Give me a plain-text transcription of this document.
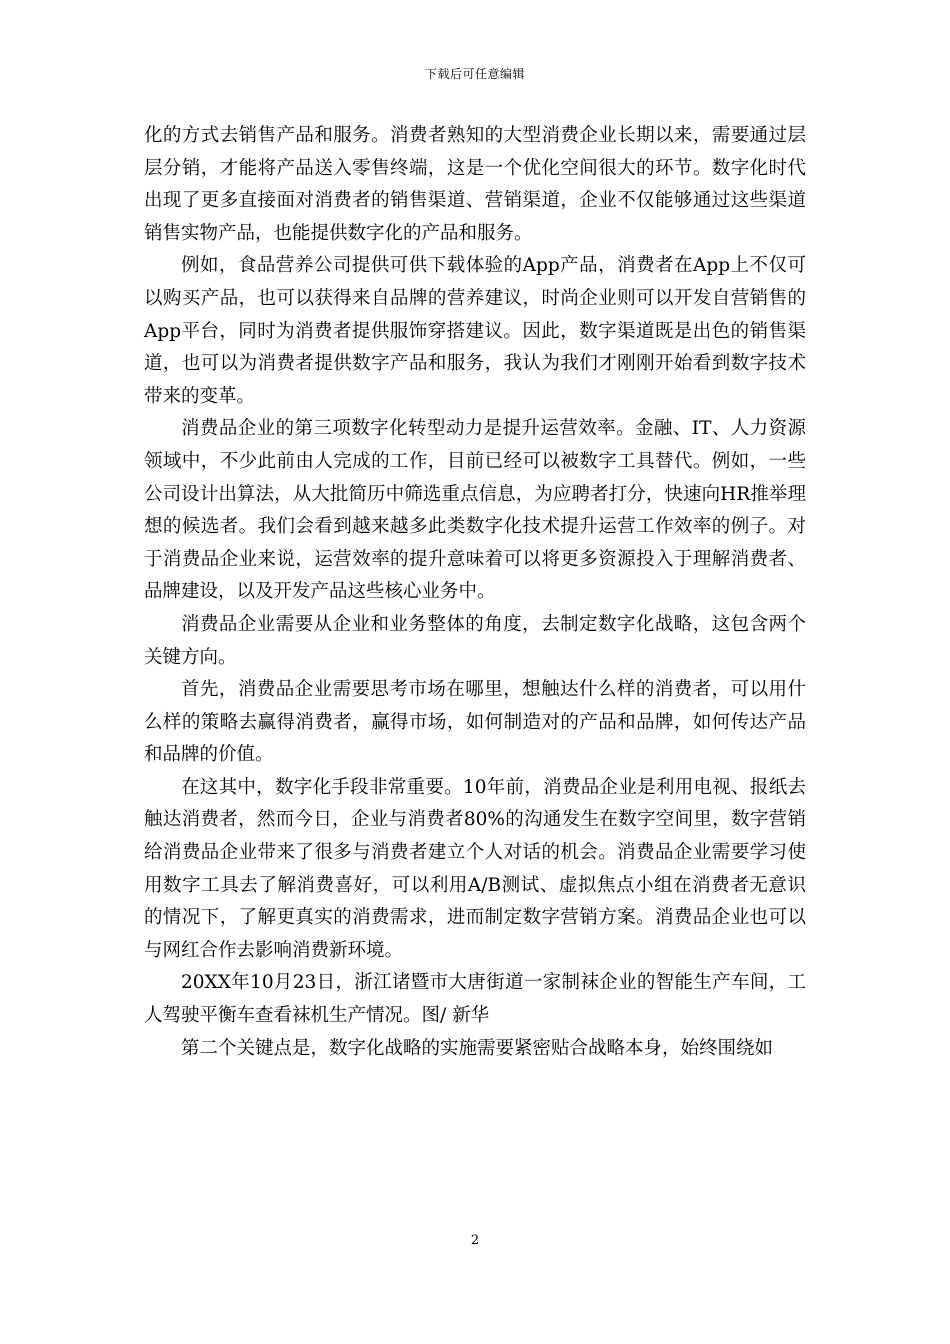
下载后可任意编辑

化的方式去销售产品和服务。消费者熟知的大型消费企业长期以来，需要通过层层分销，才能将产品送入零售终端，这是一个优化空间很大的环节。数字化时代出现了更多直接面对消费者的销售渠道、营销渠道，企业不仅能够通过这些渠道销售实物产品，也能提供数字化的产品和服务。

例如，食品营养公司提供可供下载体验的App产品，消费者在App上不仅可以购买产品，也可以获得来自品牌的营养建议，时尚企业则可以开发自营销售的App平台，同时为消费者提供服饰穿搭建议。因此，数字渠道既是出色的销售渠道，也可以为消费者提供数字产品和服务，我认为我们才刚刚开始看到数字技术带来的变革。

消费品企业的第三项数字化转型动力是提升运营效率。金融、IT、人力资源领域中，不少此前由人完成的工作，目前已经可以被数字工具替代。例如，一些公司设计出算法，从大批简历中筛选重点信息，为应聘者打分，快速向HR推举理想的候选者。我们会看到越来越多此类数字化技术提升运营工作效率的例子。对于消费品企业来说，运营效率的提升意味着可以将更多资源投入于理解消费者、品牌建设，以及开发产品这些核心业务中。

消费品企业需要从企业和业务整体的角度，去制定数字化战略，这包含两个关键方向。

首先，消费品企业需要思考市场在哪里，想触达什么样的消费者，可以用什么样的策略去赢得消费者，赢得市场，如何制造对的产品和品牌，如何传达产品和品牌的价值。

在这其中，数字化手段非常重要。10年前，消费品企业是利用电视、报纸去触达消费者，然而今日，企业与消费者80%的沟通发生在数字空间里，数字营销给消费品企业带来了很多与消费者建立个人对话的机会。消费品企业需要学习使用数字工具去了解消费喜好，可以利用A/B测试、虚拟焦点小组在消费者无意识的情况下，了解更真实的消费需求，进而制定数字营销方案。消费品企业也可以与网红合作去影响消费新环境。

20XX年10月23日，浙江诸暨市大唐街道一家制袜企业的智能生产车间，工人驾驶平衡车查看袜机生产情况。图/ 新华

第二个关键点是，数字化战略的实施需要紧密贴合战略本身，始终围绕如

2
